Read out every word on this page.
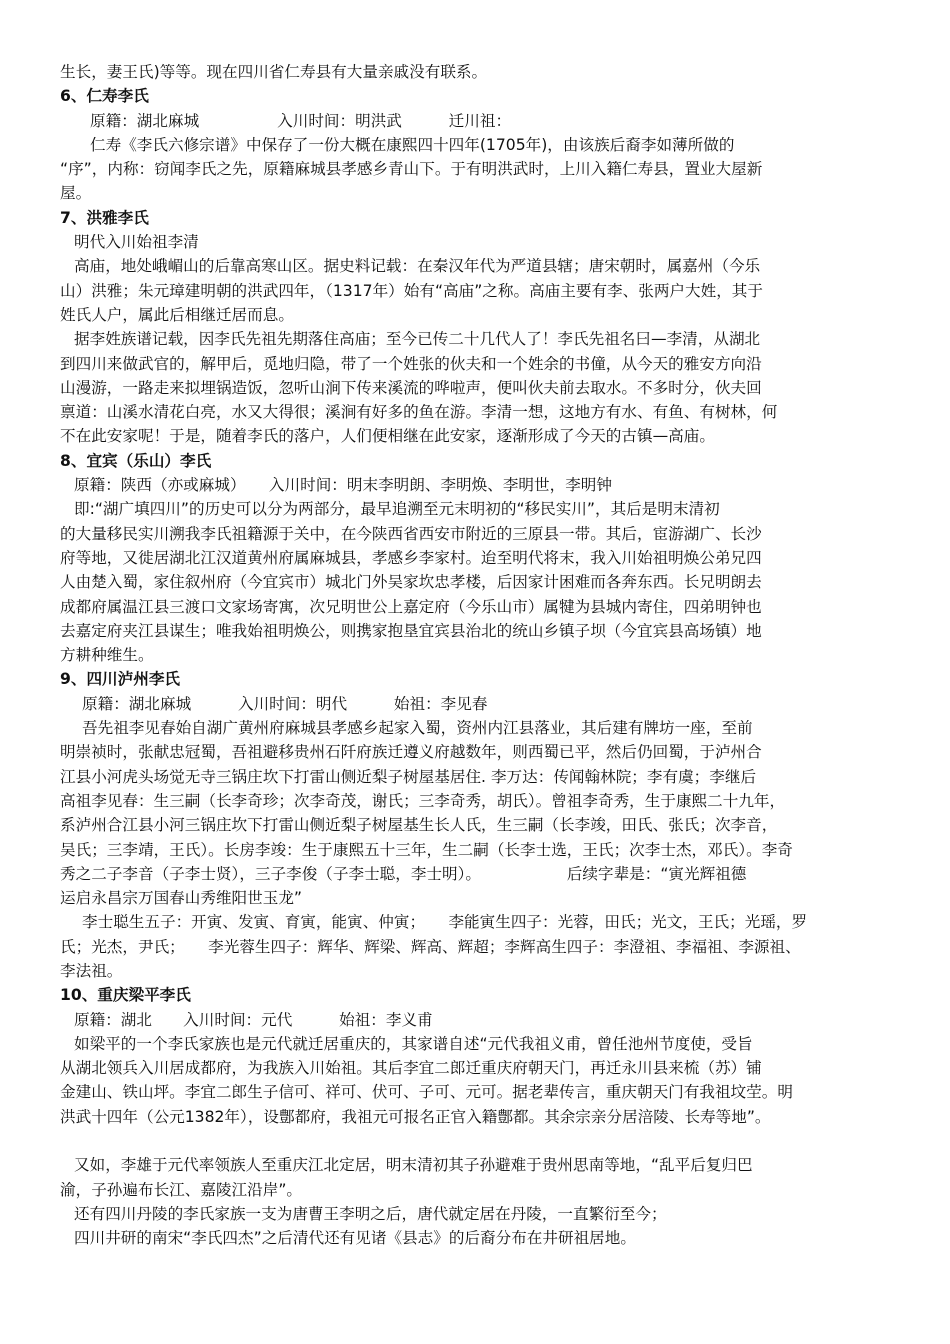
生长，妻王氏)等等。现在四川省仁寿县有大量亲戚没有联系。
6、仁寿李氏
原籍：湖北麻城　　　　　入川时间：明洪武　　　迁川祖：
仁寿《李氏六修宗谱》中保存了一份大概在康熙四十四年(1705年)，由该族后裔李如薄所做的
“序”，内称：窃闻李氏之先，原籍麻城县孝感乡青山下。于有明洪武时，上川入籍仁寿县，置业大屋新
屋。
7、洪雅李氏
明代入川始祖李清
高庙，地处峨嵋山的后靠高寒山区。据史料记载：在秦汉年代为严道县辖；唐宋朝时，属嘉州（今乐
山）洪雅；朱元璋建明朝的洪武四年，（1317年）始有“高庙”之称。高庙主要有李、张两户大姓，其于
姓氏人户，属此后相继迁居而息。
据李姓族谱记载，因李氏先祖先期落住高庙；至今已传二十几代人了！李氏先祖名曰—李清，从湖北
到四川来做武官的，解甲后，觅地归隐，带了一个姓张的伙夫和一个姓余的书僮，从今天的雅安方向沿
山漫游，一路走来拟埋锅造饭，忽听山涧下传来溪流的哗啦声，便叫伙夫前去取水。不多时分，伙夫回
禀道：山溪水清花白亮，水又大得很；溪涧有好多的鱼在游。李清一想，这地方有水、有鱼、有树林，何
不在此安家呢！于是，随着李氏的落户，人们便相继在此安家，逐渐形成了今天的古镇—高庙。
8、宜宾（乐山）李氏
原籍：陕西（亦或麻城）　　入川时间：明末李明朗、李明焕、李明世，李明钟
即:“湖广填四川”的历史可以分为两部分，最早追溯至元末明初的“移民实川”，其后是明末清初
的大量移民实川溯我李氏祖籍源于关中，在今陕西省西安市附近的三原县一带。其后，宦游湖广、长沙
府等地，又徙居湖北江汉道黄州府属麻城县，孝感乡李家村。迨至明代将末，我入川始祖明焕公弟兄四
人由楚入蜀，家住叙州府（今宜宾市）城北门外吴家坎忠孝楼，后因家计困难而各奔东西。长兄明朗去
成都府属温江县三渡口文家场寄寓，次兄明世公上嘉定府（今乐山市）属犍为县城内寄住，四弟明钟也
去嘉定府夹江县谋生；唯我始祖明焕公，则携家抱垦宜宾县治北的统山乡镇子坝（今宜宾县高场镇）地
方耕种维生。
9、四川泸州李氏
原籍：湖北麻城　　　入川时间：明代　　　始祖：李见春
吾先祖李见春始自湖广黄州府麻城县孝感乡起家入蜀，资州内江县落业，其后建有牌坊一座，至前
明崇祯时，张献忠冠蜀，吾祖避移贵州石阡府族迁遵义府越数年，则西蜀已平，然后仍回蜀，于泸州合
江县小河虎头场觉无寺三锅庄坎下打雷山侧近梨子树屋基居住. 李万达：传闻翰林院；李有虞；李继后
高祖李见春：生三嗣（长李奇珍；次李奇茂，谢氏；三李奇秀，胡氏）。曾祖李奇秀，生于康熙二十九年，
系泸州合江县小河三锅庄坎下打雷山侧近梨子树屋基生长人氏，生三嗣（长李竣，田氏、张氏；次李音，
吴氏；三李靖，王氏）。长房李竣：生于康熙五十三年，生二嗣（长李士选，王氏；次李士杰，邓氏）。李奇
秀之二子李音（子李士贤），三子李俊（子李士聪，李士明）。　　　　　　后续字辈是：“寅光辉祖德
运启永昌宗万国春山秀维阳世玉龙”
李士聪生五子：开寅、发寅、育寅，能寅、仲寅；　　李能寅生四子：光蓉，田氏；光文，王氏；光瑶，罗
氏；光杰，尹氏；　　李光蓉生四子：辉华、辉梁、辉高、辉超；李辉高生四子：李澄祖、李福祖、李源祖、
李法祖。
10、重庆梁平李氏
原籍：湖北　　入川时间：元代　　　始祖：李义甫
如梁平的一个李氏家族也是元代就迁居重庆的，其家谱自述“元代我祖义甫，曾任池州节度使，受旨
从湖北领兵入川居成都府，为我族入川始祖。其后李宜二郎迁重庆府朝天门，再迁永川县来梳（苏）铺
金建山、铁山坪。李宜二郎生子信可、祥可、伏可、子可、元可。据老辈传言，重庆朝天门有我祖坟茔。明
洪武十四年（公元1382年），设鄷都府，我祖元可报名正官入籍鄷都。其余宗亲分居涪陵、长寿等地”。
又如，李雄于元代率领族人至重庆江北定居，明末清初其子孙避难于贵州思南等地，“乱平后复归巴
渝，子孙遍布长江、嘉陵江沿岸”。
还有四川丹陵的李氏家族一支为唐曹王李明之后，唐代就定居在丹陵，一直繁衍至今；
四川井研的南宋“李氏四杰”之后清代还有见诸《县志》的后裔分布在井研祖居地。
